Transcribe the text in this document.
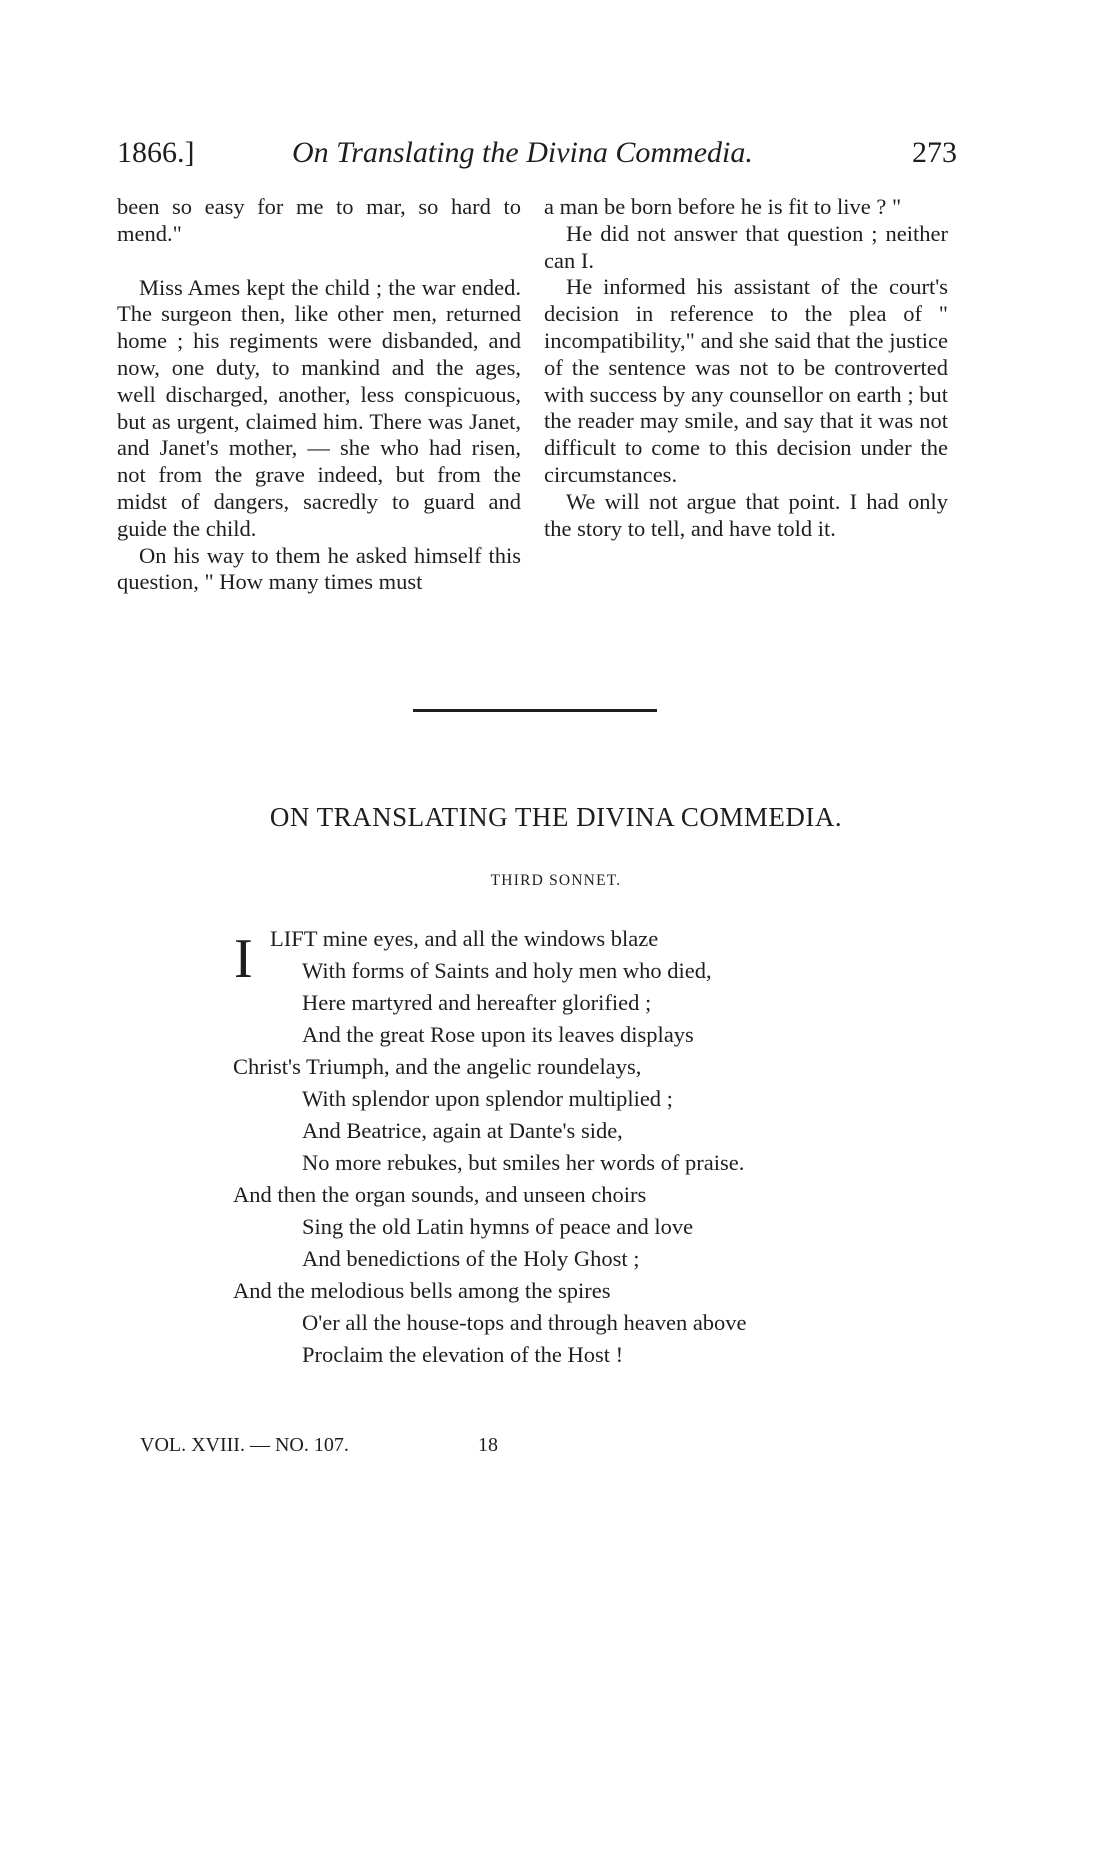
1866.]	On Translating the Divina Commedia.	273

been so easy for me to mar, so hard to mend."

Miss Ames kept the child ; the war ended. The surgeon then, like other men, returned home ; his regiments were disbanded, and now, one duty, to mankind and the ages, well discharged, another, less conspicuous, but as urgent, claimed him. There was Janet, and Janet's mother, — she who had risen, not from the grave indeed, but from the midst of dangers, sacredly to guard and guide the child.

On his way to them he asked himself this question, " How many times must

a man be born before he is fit to live ? "

He did not answer that question ; neither can I.

He informed his assistant of the court's decision in reference to the plea of " incompatibility," and she said that the justice of the sentence was not to be controverted with success by any counsellor on earth ; but the reader may smile, and say that it was not difficult to come to this decision under the circumstances.

We will not argue that point. I had only the story to tell, and have told it.

ON TRANSLATING THE DIVINA COMMEDIA.
THIRD SONNET.
I LIFT mine eyes, and all the windows blaze
With forms of Saints and holy men who died,
Here martyred and hereafter glorified ;
And the great Rose upon its leaves displays
Christ's Triumph, and the angelic roundelays,
With splendor upon splendor multiplied ;
And Beatrice, again at Dante's side,
No more rebukes, but smiles her words of praise.
And then the organ sounds, and unseen choirs
Sing the old Latin hymns of peace and love
And benedictions of the Holy Ghost ;
And the melodious bells among the spires
O'er all the house-tops and through heaven above
Proclaim the elevation of the Host !
VOL. XVIII. — NO. 107.	18
